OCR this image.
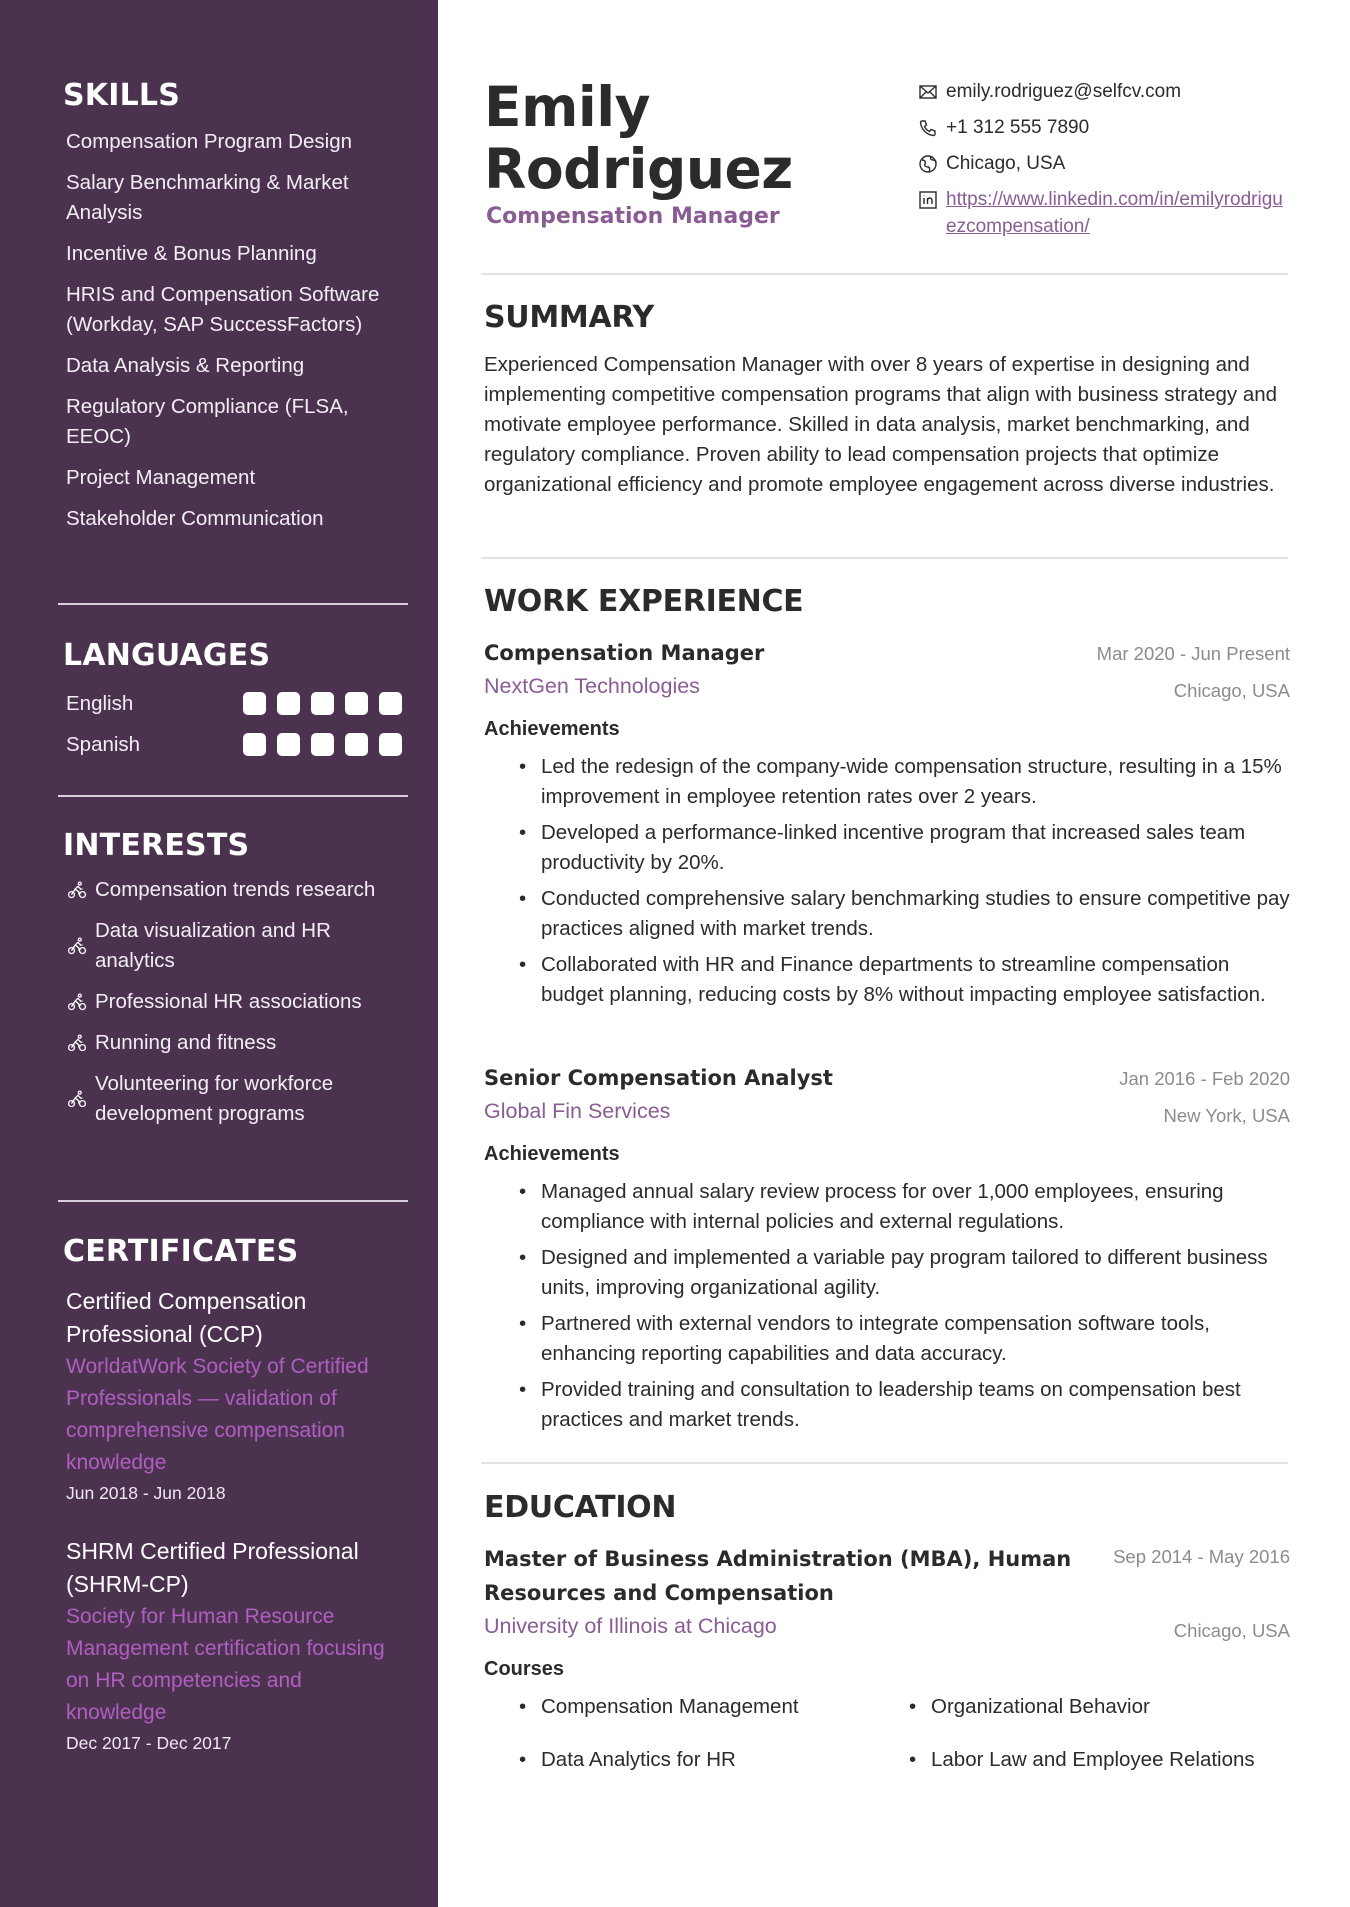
SKILLS
Compensation Program Design
Salary Benchmarking & Market Analysis
Incentive & Bonus Planning
HRIS and Compensation Software (Workday, SAP SuccessFactors)
Data Analysis & Reporting
Regulatory Compliance (FLSA, EEOC)
Project Management
Stakeholder Communication
LANGUAGES
English
Spanish
INTERESTS
Compensation trends research
Data visualization and HR analytics
Professional HR associations
Running and fitness
Volunteering for workforce development programs
CERTIFICATES
Certified Compensation Professional (CCP)
WorldatWork Society of Certified Professionals — validation of comprehensive compensation knowledge
Jun 2018 - Jun 2018
SHRM Certified Professional (SHRM-CP)
Society for Human Resource Management certification focusing on HR competencies and knowledge
Dec 2017 - Dec 2017
Emily
Rodriguez
Compensation Manager
emily.rodriguez@selfcv.com
+1 312 555 7890
Chicago, USA
https://www.linkedin.com/in/emilyrodriguezcompensation/
SUMMARY

Experienced Compensation Manager with over 8 years of expertise in designing and implementing competitive compensation programs that align with business strategy and motivate employee performance. Skilled in data analysis, market benchmarking, and regulatory compliance. Proven ability to lead compensation projects that optimize organizational efficiency and promote employee engagement across diverse industries.

WORK EXPERIENCE
Compensation Manager	Mar 2020 - Jun Present
NextGen Technologies	Chicago, USA
Achievements
• Led the redesign of the company-wide compensation structure, resulting in a 15% improvement in employee retention rates over 2 years.
• Developed a performance-linked incentive program that increased sales team productivity by 20%.
• Conducted comprehensive salary benchmarking studies to ensure competitive pay practices aligned with market trends.
• Collaborated with HR and Finance departments to streamline compensation budget planning, reducing costs by 8% without impacting employee satisfaction.
Senior Compensation Analyst	Jan 2016 - Feb 2020
Global Fin Services	New York, USA
Achievements
• Managed annual salary review process for over 1,000 employees, ensuring compliance with internal policies and external regulations.
• Designed and implemented a variable pay program tailored to different business units, improving organizational agility.
• Partnered with external vendors to integrate compensation software tools, enhancing reporting capabilities and data accuracy.
• Provided training and consultation to leadership teams on compensation best practices and market trends.
EDUCATION
Master of Business Administration (MBA), Human Resources and Compensation
Sep 2014 - May 2016
University of Illinois at Chicago	Chicago, USA
Courses
• Compensation Management	• Organizational Behavior
• Data Analytics for HR	• Labor Law and Employee Relations
